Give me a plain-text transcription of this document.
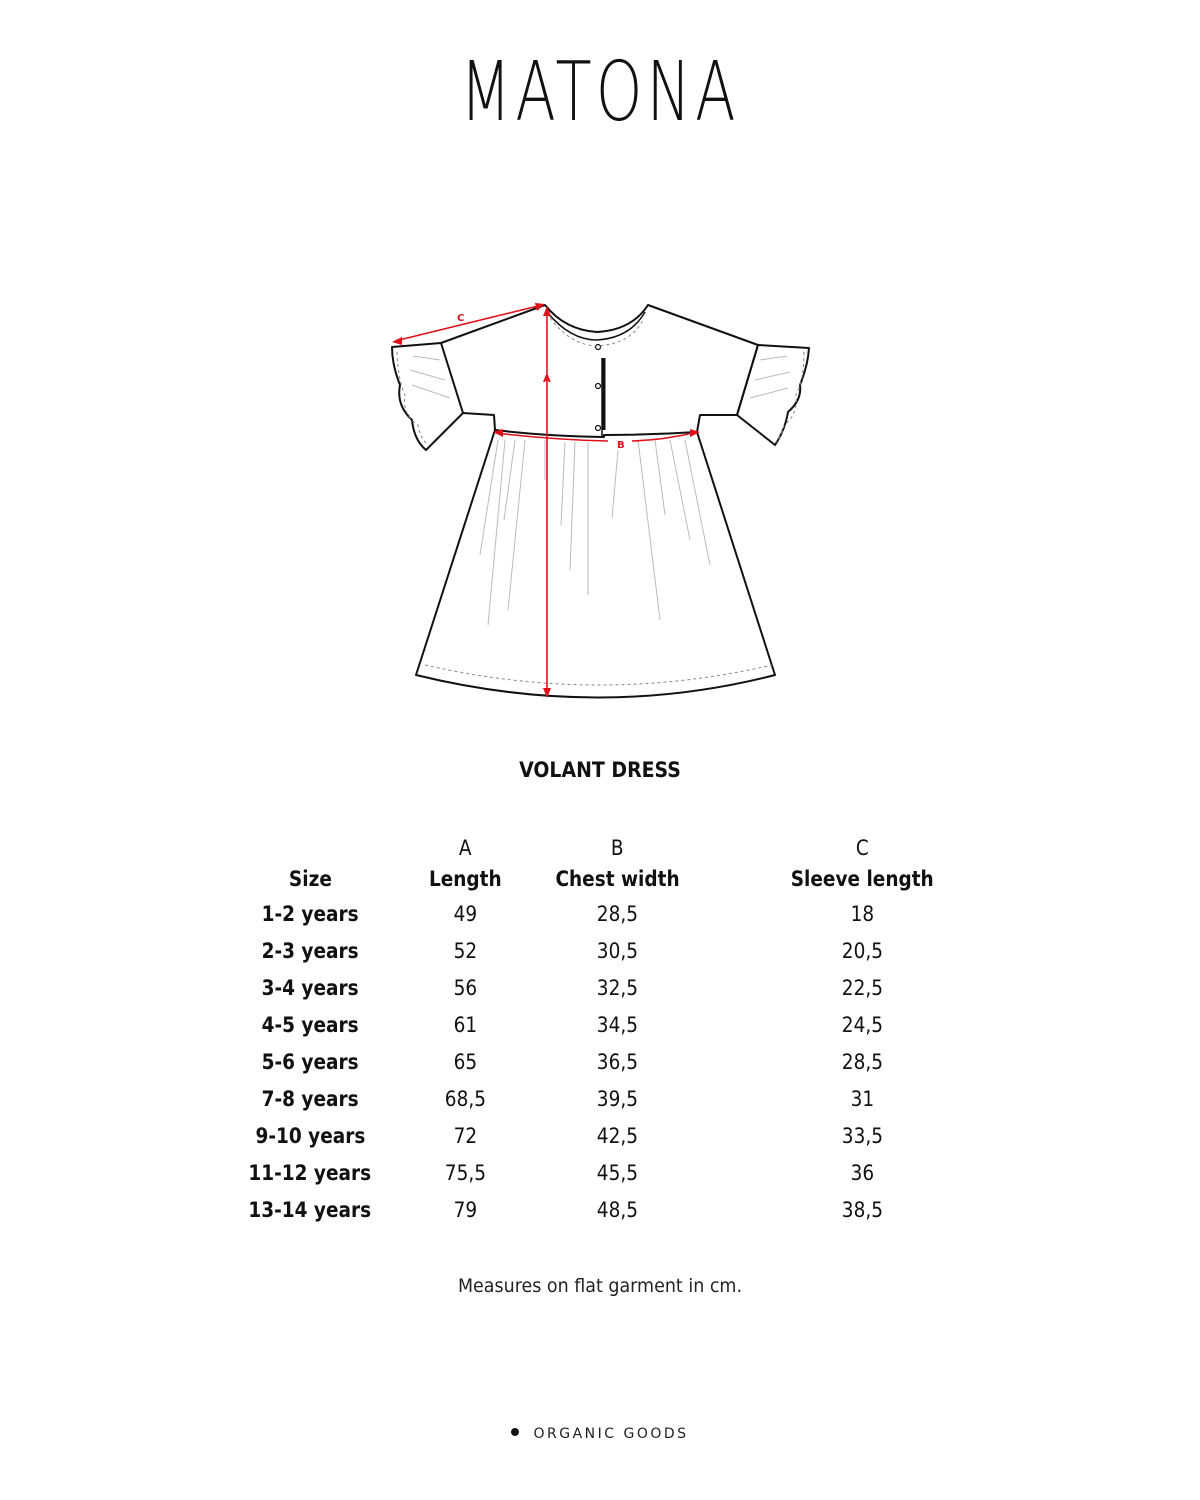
MATONA
C
A
B
VOLANT DRESS
	A	B		C
Size	Length	Chest width		Sleeve length
1-2 years	49	28,5		18
2-3 years	52	30,5		20,5
3-4 years	56	32,5		22,5
4-5 years	61	34,5		24,5
5-6 years	65	36,5		28,5
7-8 years	68,5	39,5		31
9-10 years	72	42,5		33,5
11-12 years	75,5	45,5		36
13-14 years	79	48,5		38,5
Measures on flat garment in cm.
ORGANIC GOODS
